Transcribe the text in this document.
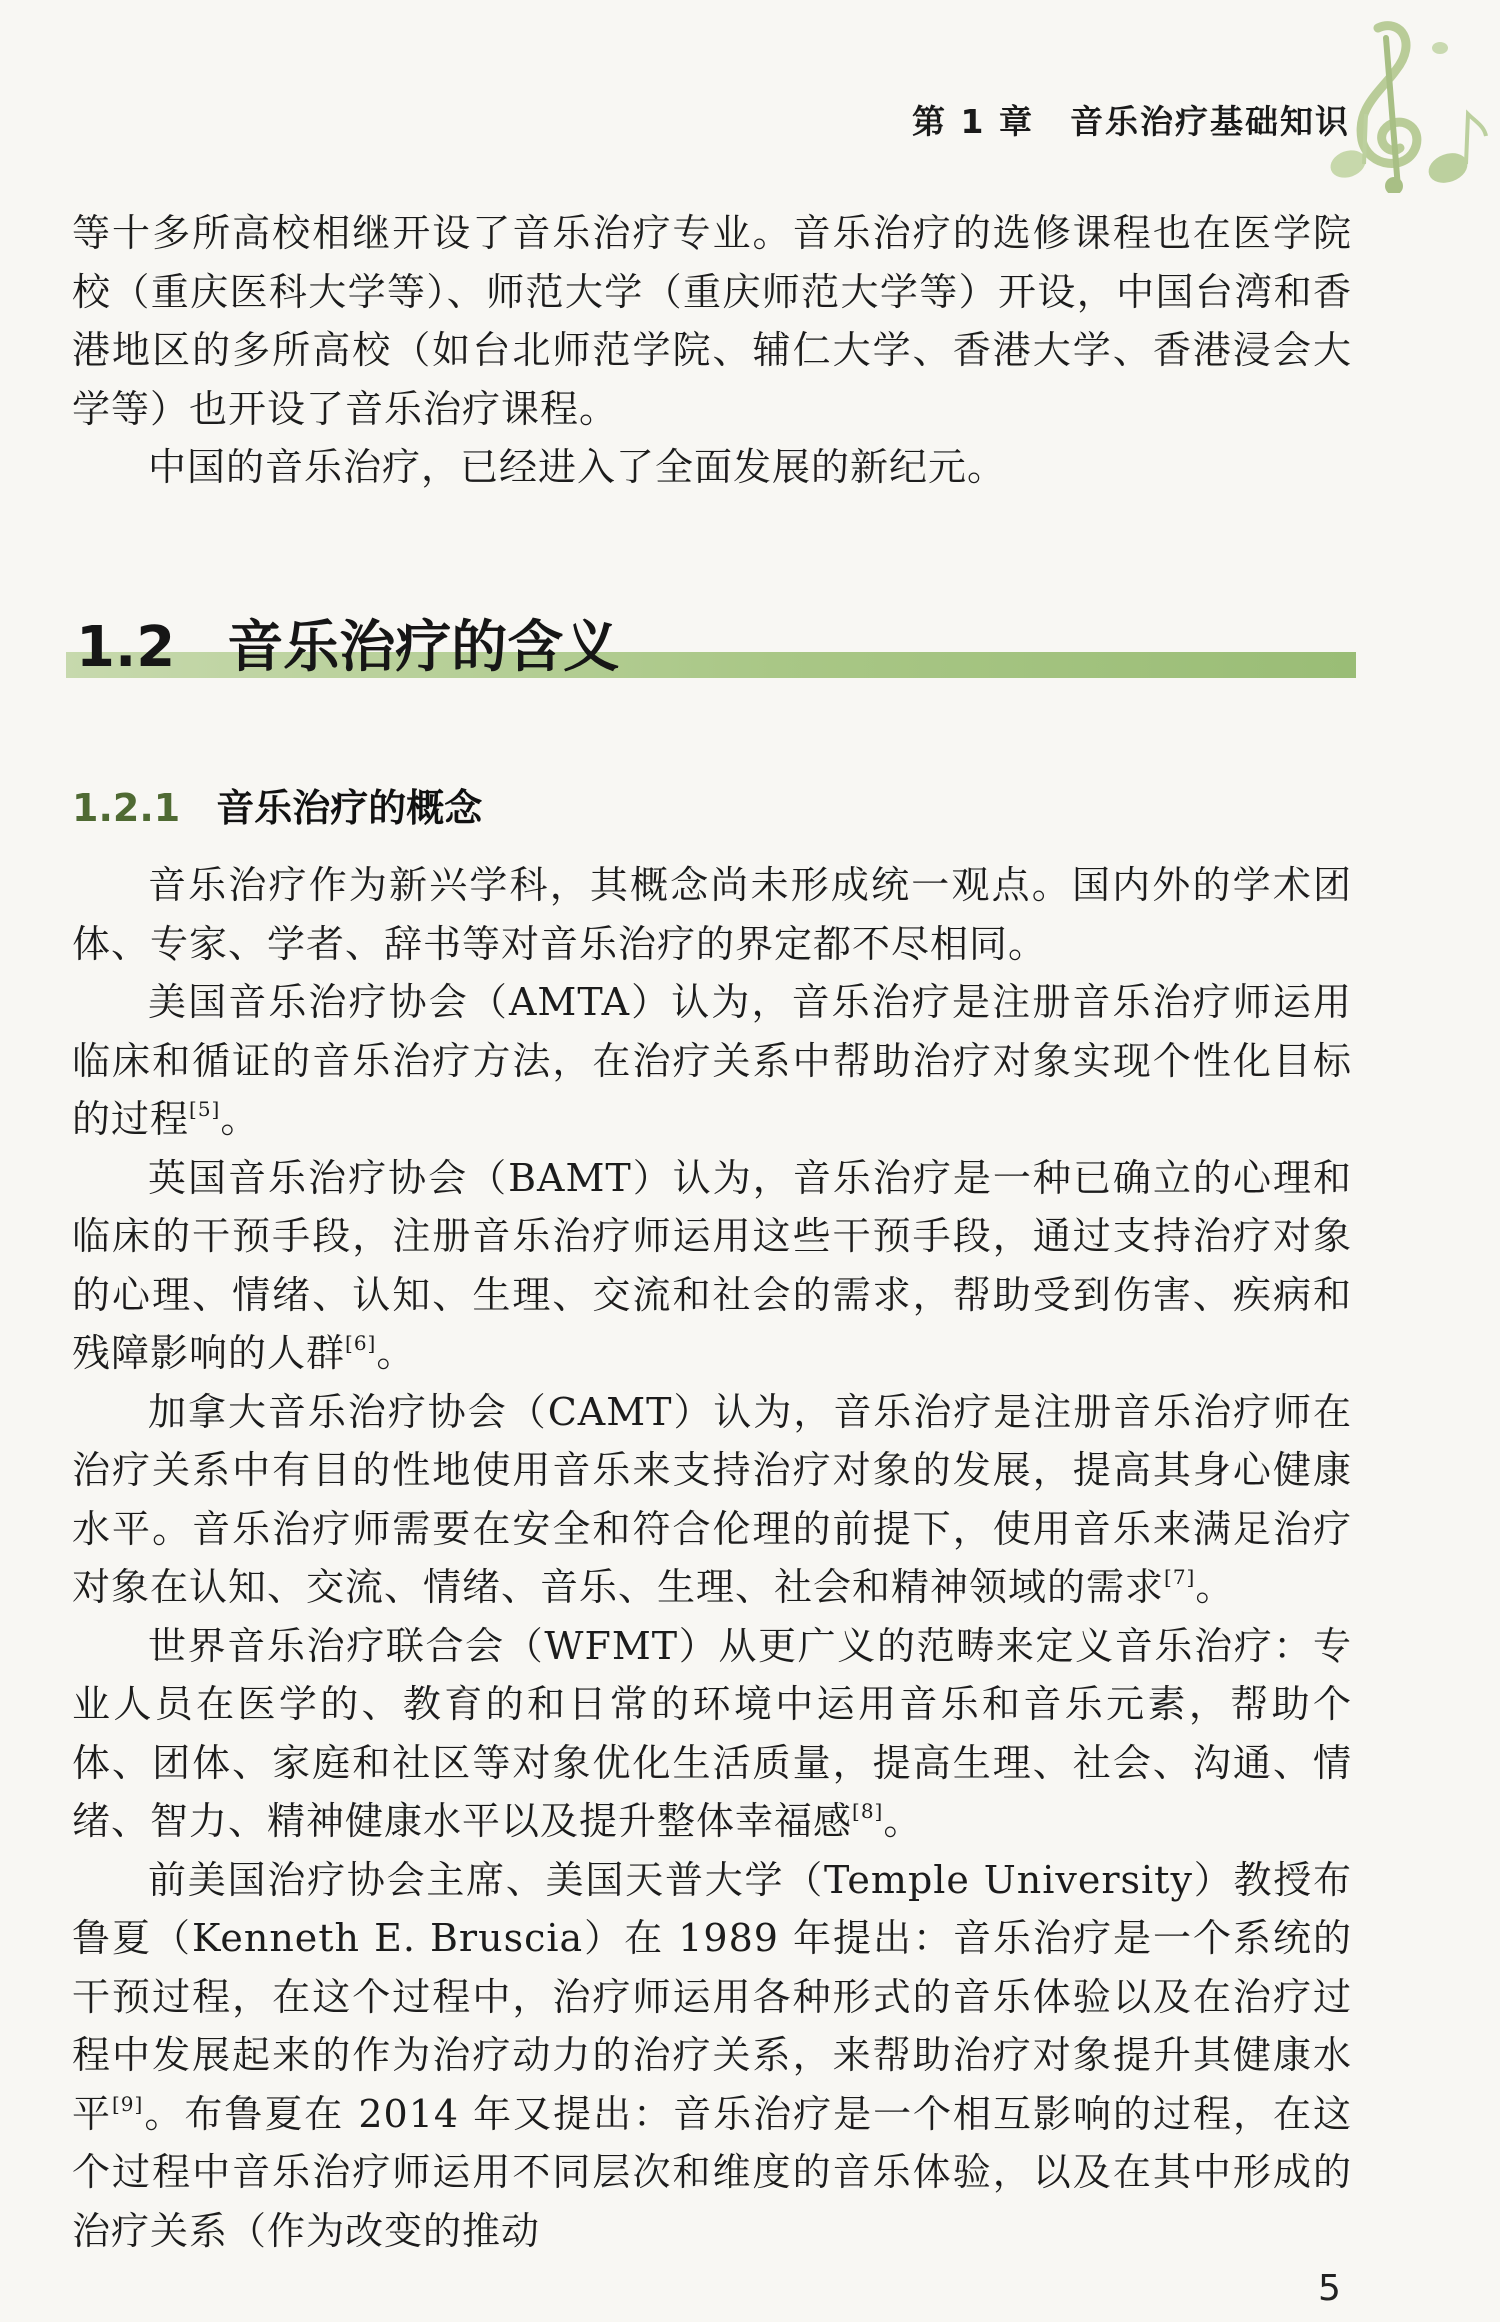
第 1 章 音乐治疗基础知识

等十多所高校相继开设了音乐治疗专业。音乐治疗的选修课程也在医学院校（重庆医科大学等）、师范大学（重庆师范大学等）开设，中国台湾和香港地区的多所高校（如台北师范学院、辅仁大学、香港大学、香港浸会大学等）也开设了音乐治疗课程。

中国的音乐治疗，已经进入了全面发展的新纪元。

1.2 音乐治疗的含义
1.2.1 音乐治疗的概念

音乐治疗作为新兴学科，其概念尚未形成统一观点。国内外的学术团体、专家、学者、辞书等对音乐治疗的界定都不尽相同。

美国音乐治疗协会（AMTA）认为，音乐治疗是注册音乐治疗师运用临床和循证的音乐治疗方法，在治疗关系中帮助治疗对象实现个性化目标的过程[5]。

英国音乐治疗协会（BAMT）认为，音乐治疗是一种已确立的心理和临床的干预手段，注册音乐治疗师运用这些干预手段，通过支持治疗对象的心理、情绪、认知、生理、交流和社会的需求，帮助受到伤害、疾病和残障影响的人群[6]。

加拿大音乐治疗协会（CAMT）认为，音乐治疗是注册音乐治疗师在治疗关系中有目的性地使用音乐来支持治疗对象的发展，提高其身心健康水平。音乐治疗师需要在安全和符合伦理的前提下，使用音乐来满足治疗对象在认知、交流、情绪、音乐、生理、社会和精神领域的需求[7]。

世界音乐治疗联合会（WFMT）从更广义的范畴来定义音乐治疗：专业人员在医学的、教育的和日常的环境中运用音乐和音乐元素，帮助个体、团体、家庭和社区等对象优化生活质量，提高生理、社会、沟通、情绪、智力、精神健康水平以及提升整体幸福感[8]。

前美国治疗协会主席、美国天普大学（Temple University）教授布鲁夏（Kenneth E. Bruscia）在 1989 年提出：音乐治疗是一个系统的干预过程，在这个过程中，治疗师运用各种形式的音乐体验以及在治疗过程中发展起来的作为治疗动力的治疗关系，来帮助治疗对象提升其健康水平[9]。布鲁夏在 2014 年又提出：音乐治疗是一个相互影响的过程，在这个过程中音乐治疗师运用不同层次和维度的音乐体验，以及在其中形成的治疗关系（作为改变的推动

5
